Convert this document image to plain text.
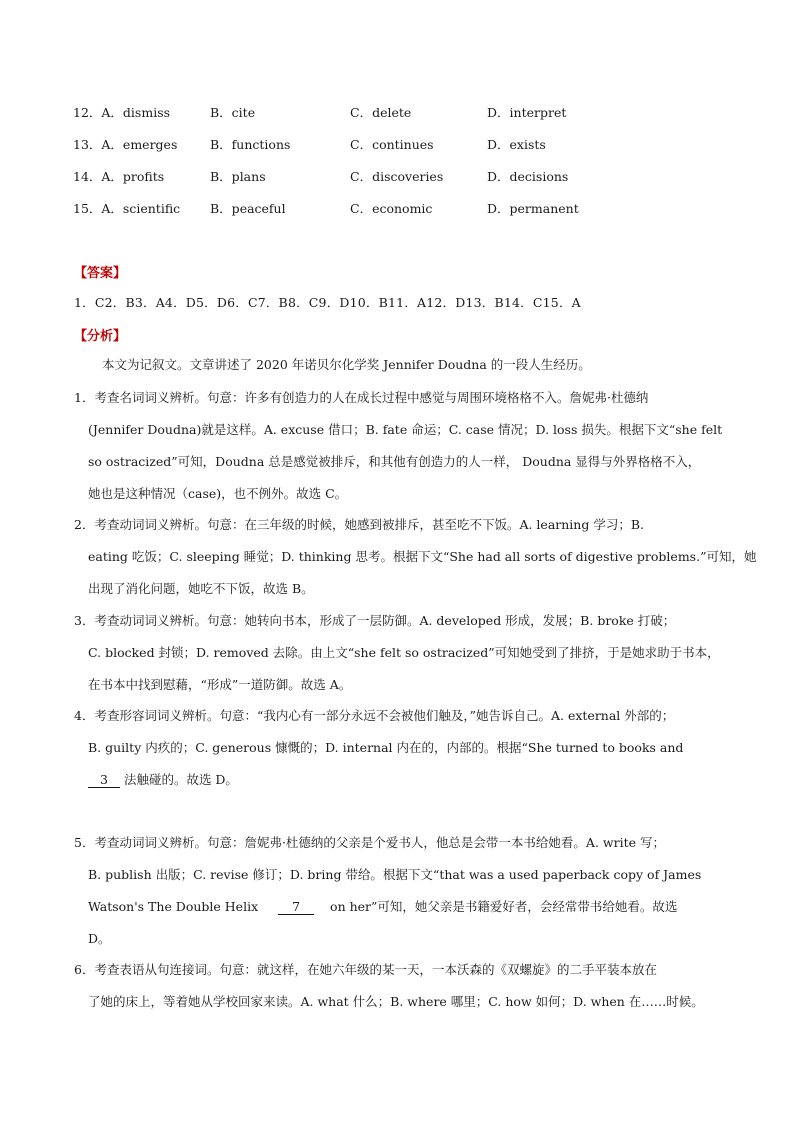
12．A．dismiss	B．cite	C．delete	D．interpret
13．A．emerges	B．functions	C．continues	D．exists
14．A．profits	B．plans	C．discoveries	D．decisions
15．A．scientific B．peaceful	C．economic	D．permanent
【答案】
1．C2．B3．A4．D5．D6．C7．B8．C9．D10．B11．A12．D13．B14．C15．A
【分析】
本文为记叙文。文章讲述了 2020 年诺贝尔化学奖 Jennifer Doudna 的一段人生经历。
1．考查名词词义辨析。句意：许多有创造力的人在成长过程中感觉与周围环境格格不入。詹妮弗·杜德纳
(Jennifer Doudna)就是这样。A. excuse 借口；B. fate 命运；C. case 情况；D. loss 损失。根据下文“she felt
so ostracized”可知，Doudna 总是感觉被排斥，和其他有创造力的人一样， Doudna 显得与外界格格不入，
她也是这种情况（case)，也不例外。故选 C。
2．考查动词词义辨析。句意：在三年级的时候，她感到被排斥，甚至吃不下饭。A. learning 学习；B.
eating 吃饭；C. sleeping 睡觉；D. thinking 思考。根据下文“She had all sorts of digestive problems.”可知，她
出现了消化问题，她吃不下饭，故选 B。
3．考查动词词义辨析。句意：她转向书本，形成了一层防御。A. developed 形成，发展；B. broke 打破；
C. blocked 封锁；D. removed 去除。由上文“she felt so ostracized”可知她受到了排挤，于是她求助于书本，
在书本中找到慰藉，“形成”一道防御。故选 A。
4．考查形容词词义辨析。句意：“我内心有一部分永远不会被他们触及，”她告诉自己。A. external 外部的；
B. guilty 内疚的；C. generous 慷慨的；D. internal 内在的，内部的。根据“She turned to books and
3 法触碰的。故选 D。
5．考查动词词义辨析。句意：詹妮弗·杜德纳的父亲是个爱书人，他总是会带一本书给她看。A. write 写；
B. publish 出版；C. revise 修订；D. bring 带给。根据下文“that was a used paperback copy of James
Watson's The Double Helix	7 on her”可知，她父亲是书籍爱好者，会经常带书给她看。故选
D。
6．考查表语从句连接词。句意：就这样，在她六年级的某一天，一本沃森的《双螺旋》的二手平装本放在
了她的床上，等着她从学校回家来读。A. what 什么；B. where 哪里；C. how 如何；D. when 在……时候。
